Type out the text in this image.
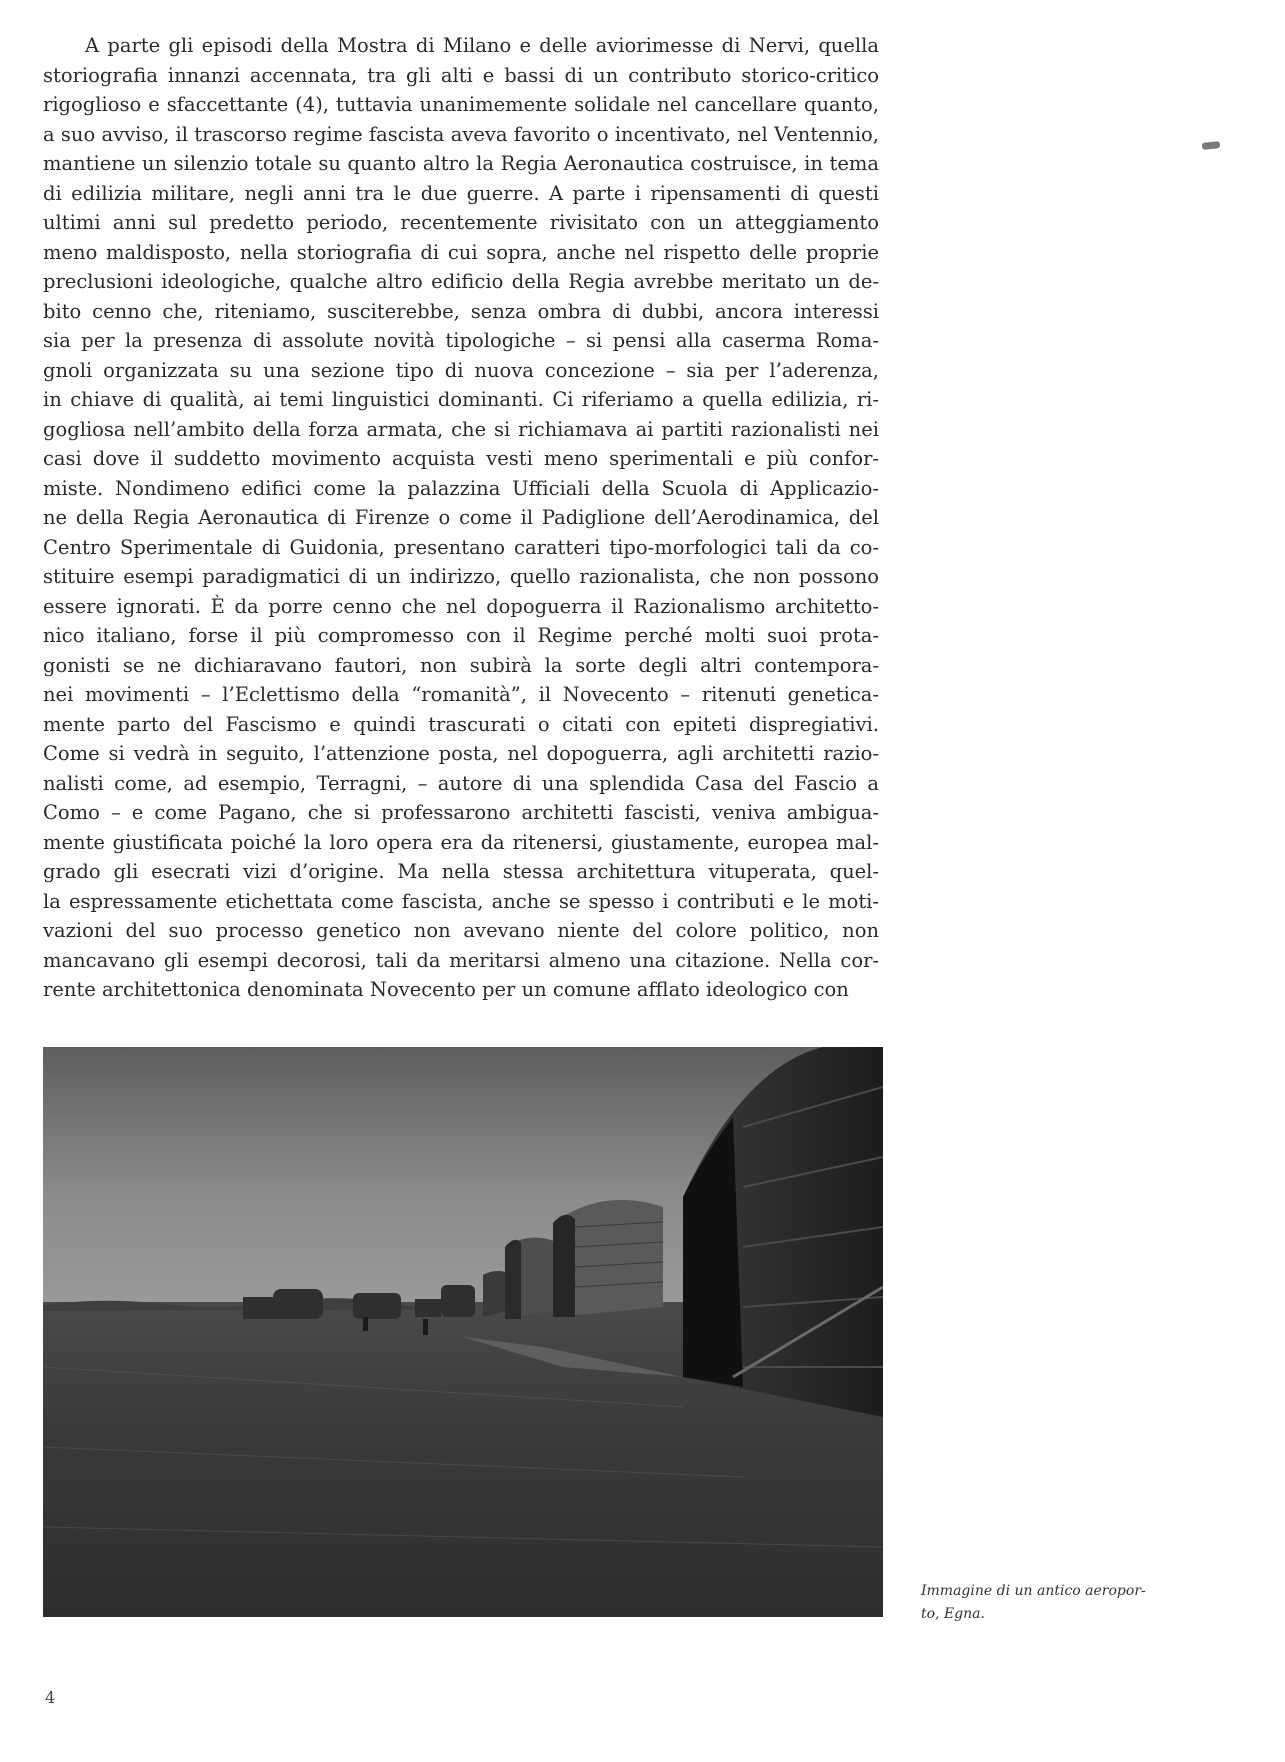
A parte gli episodi della Mostra di Milano e delle aviorimesse di Nervi, quella
storiografia innanzi accennata, tra gli alti e bassi di un contributo storico-critico
rigoglioso e sfaccettante (4), tuttavia unanimemente solidale nel cancellare quanto,
a suo avviso, il trascorso regime fascista aveva favorito o incentivato, nel Ventennio,
mantiene un silenzio totale su quanto altro la Regia Aeronautica costruisce, in tema
di edilizia militare, negli anni tra le due guerre. A parte i ripensamenti di questi
ultimi anni sul predetto periodo, recentemente rivisitato con un atteggiamento
meno maldisposto, nella storiografia di cui sopra, anche nel rispetto delle proprie
preclusioni ideologiche, qualche altro edificio della Regia avrebbe meritato un de-
bito cenno che, riteniamo, susciterebbe, senza ombra di dubbi, ancora interessi
sia per la presenza di assolute novità tipologiche – si pensi alla caserma Roma-
gnoli organizzata su una sezione tipo di nuova concezione – sia per l’aderenza,
in chiave di qualità, ai temi linguistici dominanti. Ci riferiamo a quella edilizia, ri-
gogliosa nell’ambito della forza armata, che si richiamava ai partiti razionalisti nei
casi dove il suddetto movimento acquista vesti meno sperimentali e più confor-
miste. Nondimeno edifici come la palazzina Ufficiali della Scuola di Applicazio-
ne della Regia Aeronautica di Firenze o come il Padiglione dell’Aerodinamica, del
Centro Sperimentale di Guidonia, presentano caratteri tipo-morfologici tali da co-
stituire esempi paradigmatici di un indirizzo, quello razionalista, che non possono
essere ignorati. È da porre cenno che nel dopoguerra il Razionalismo architetto-
nico italiano, forse il più compromesso con il Regime perché molti suoi prota-
gonisti se ne dichiaravano fautori, non subirà la sorte degli altri contempora-
nei movimenti – l’Eclettismo della “romanità”, il Novecento – ritenuti genetica-
mente parto del Fascismo e quindi trascurati o citati con epiteti dispregiativi.
Come si vedrà in seguito, l’attenzione posta, nel dopoguerra, agli architetti razio-
nalisti come, ad esempio, Terragni, – autore di una splendida Casa del Fascio a
Como – e come Pagano, che si professarono architetti fascisti, veniva ambigua-
mente giustificata poiché la loro opera era da ritenersi, giustamente, europea mal-
grado gli esecrati vizi d’origine. Ma nella stessa architettura vituperata, quel-
la espressamente etichettata come fascista, anche se spesso i contributi e le moti-
vazioni del suo processo genetico non avevano niente del colore politico, non
mancavano gli esempi decorosi, tali da meritarsi almeno una citazione. Nella cor-
rente architettonica denominata Novecento per un comune afflato ideologico con
Immagine di un antico aeropor-
to, Egna.
4
